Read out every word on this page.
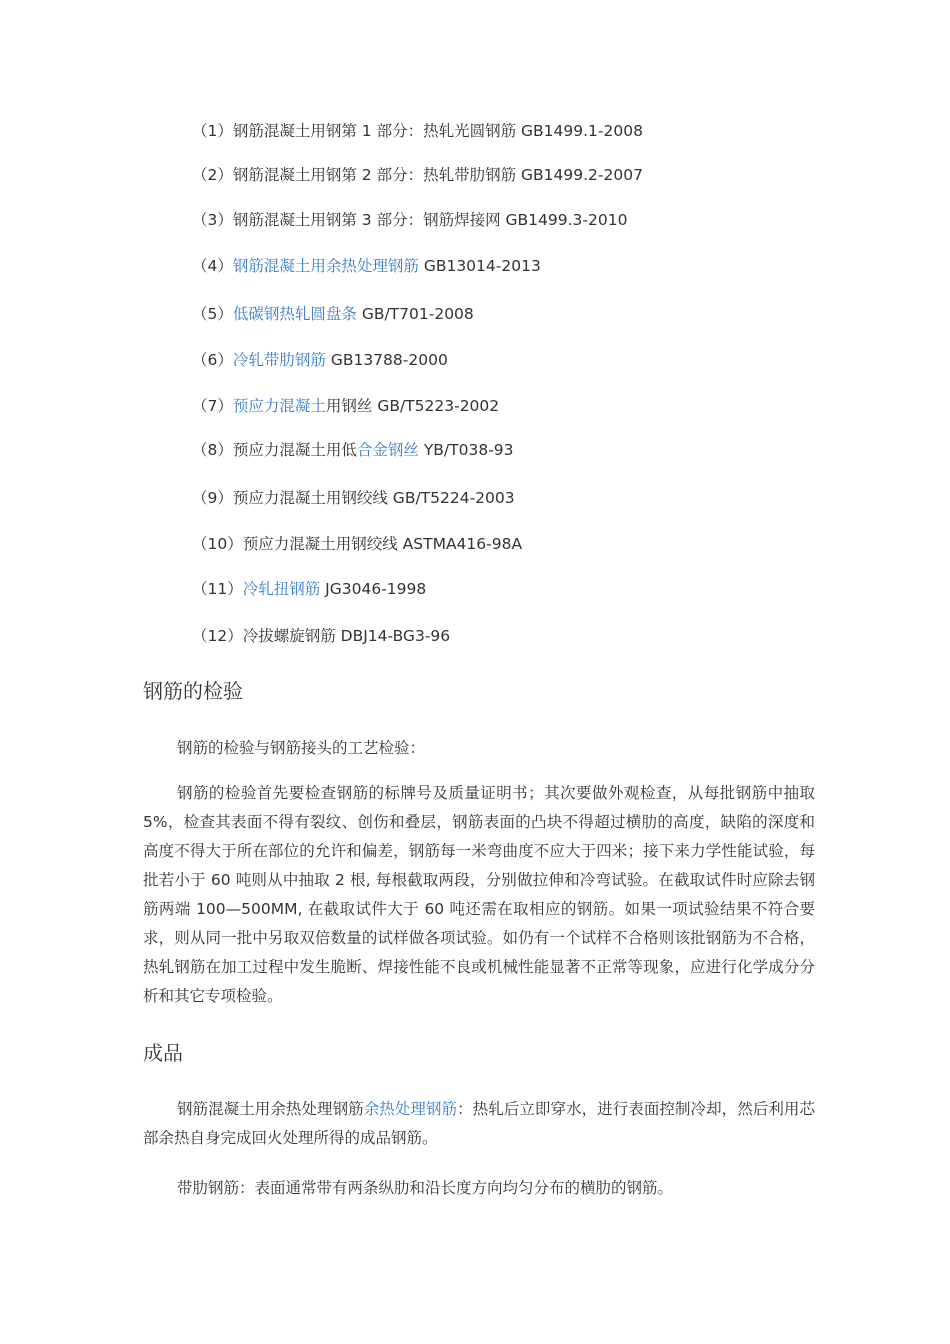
（1）钢筋混凝土用钢第 1 部分：热轧光圆钢筋 GB1499.1-2008
（2）钢筋混凝土用钢第 2 部分：热轧带肋钢筋 GB1499.2-2007
（3）钢筋混凝土用钢第 3 部分：钢筋焊接网 GB1499.3-2010
（4）钢筋混凝土用余热处理钢筋 GB13014-2013
（5）低碳钢热轧圆盘条 GB/T701-2008
（6）冷轧带肋钢筋 GB13788-2000
（7）预应力混凝土用钢丝 GB/T5223-2002
（8）预应力混凝土用低合金钢丝 YB/T038-93
（9）预应力混凝土用钢绞线 GB/T5224-2003
（10）预应力混凝土用钢绞线 ASTMA416-98A
（11）冷轧扭钢筋 JG3046-1998
（12）冷拔螺旋钢筋 DBJ14-BG3-96
钢筋的检验

钢筋的检验与钢筋接头的工艺检验：

钢筋的检验首先要检查钢筋的标牌号及质量证明书；其次要做外观检查，从每批钢筋中抽取 5%，检查其表面不得有裂纹、创伤和叠层，钢筋表面的凸块不得超过横肋的高度，缺陷的深度和高度不得大于所在部位的允许和偏差，钢筋每一米弯曲度不应大于四米；接下来力学性能试验，每批若小于 60 吨则从中抽取 2 根, 每根截取两段，分别做拉伸和冷弯试验。在截取试件时应除去钢筋两端 100—500MM, 在截取试件大于 60 吨还需在取相应的钢筋。如果一项试验结果不符合要求，则从同一批中另取双倍数量的试样做各项试验。如仍有一个试样不合格则该批钢筋为不合格，热轧钢筋在加工过程中发生脆断、焊接性能不良或机械性能显著不正常等现象，应进行化学成分分析和其它专项检验。

成品

钢筋混凝土用余热处理钢筋余热处理钢筋：热轧后立即穿水，进行表面控制冷却，然后利用芯部余热自身完成回火处理所得的成品钢筋。

带肋钢筋：表面通常带有两条纵肋和沿长度方向均匀分布的横肋的钢筋。
